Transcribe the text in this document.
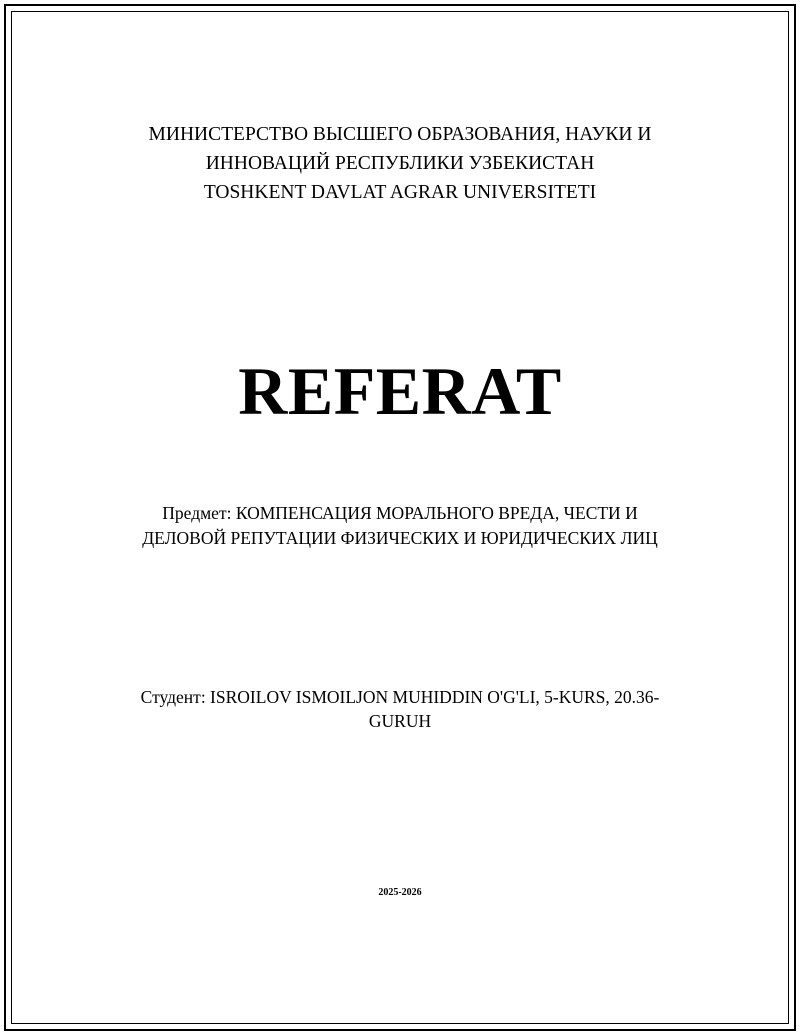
МИНИСТЕРСТВО ВЫСШЕГО ОБРАЗОВАНИЯ, НАУКИ И
ИННОВАЦИЙ РЕСПУБЛИКИ УЗБЕКИСТАН
TOSHKENT DAVLAT AGRAR UNIVERSITETI
REFERAT
Предмет: КОМПЕНСАЦИЯ МОРАЛЬНОГО ВРЕДА, ЧЕСТИ И
ДЕЛОВОЙ РЕПУТАЦИИ ФИЗИЧЕСКИХ И ЮРИДИЧЕСКИХ ЛИЦ
Студент: ISROILOV ISMOILJON MUHIDDIN O'G'LI, 5-KURS, 20.36-
GURUH
2025-2026
